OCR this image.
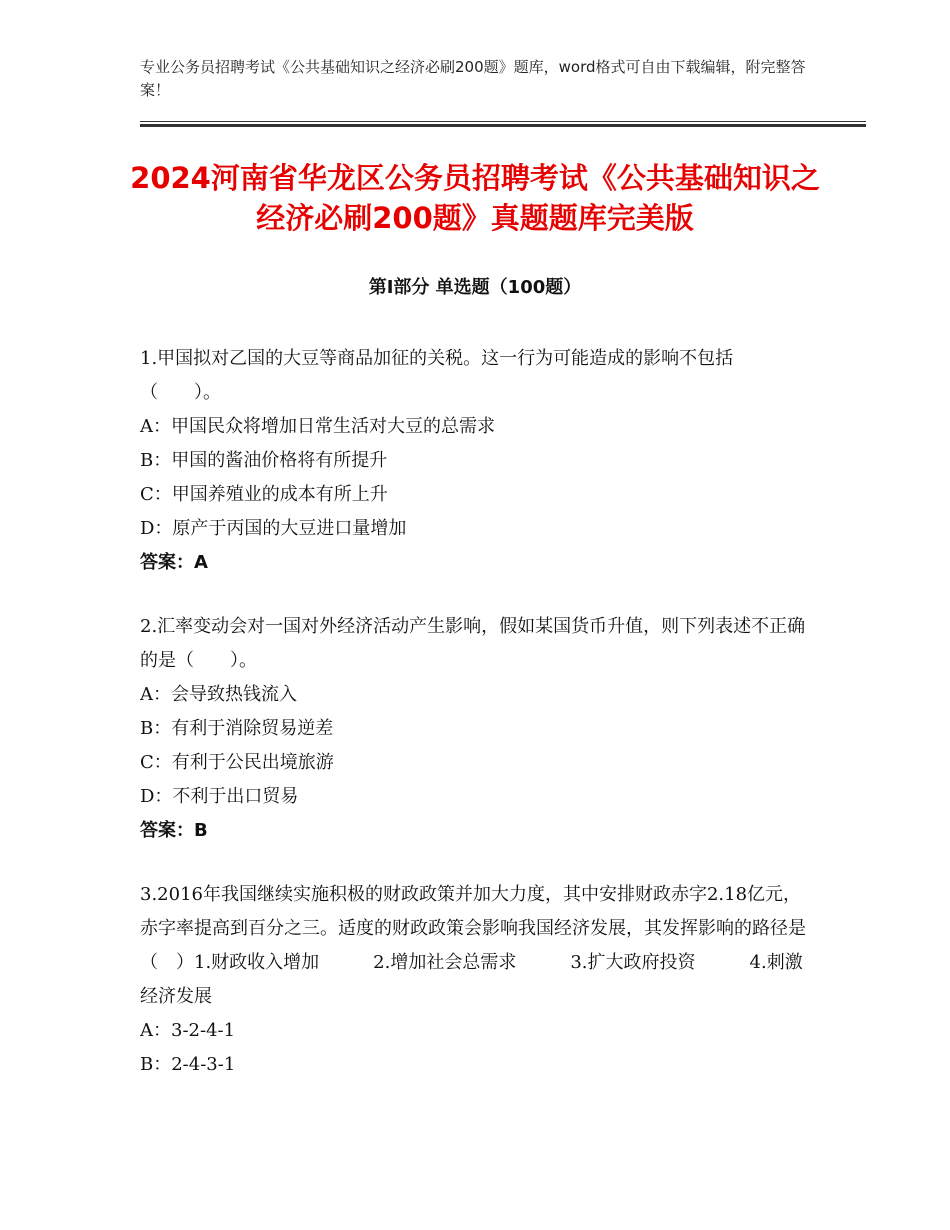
专业公务员招聘考试《公共基础知识之经济必刷200题》题库，word格式可自由下载编辑，附完整答案！
2024河南省华龙区公务员招聘考试《公共基础知识之经济必刷200题》真题题库完美版
第Ⅰ部分 单选题（100题）
1.甲国拟对乙国的大豆等商品加征的关税。这一行为可能造成的影响不包括（　　）。
A：甲国民众将增加日常生活对大豆的总需求
B：甲国的酱油价格将有所提升
C：甲国养殖业的成本有所上升
D：原产于丙国的大豆进口量增加
答案：A
2.汇率变动会对一国对外经济活动产生影响，假如某国货币升值，则下列表述不正确的是（　　）。
A：会导致热钱流入
B：有利于消除贸易逆差
C：有利于公民出境旅游
D：不利于出口贸易
答案：B
3.2016年我国继续实施积极的财政政策并加大力度，其中安排财政赤字2.18亿元，赤字率提高到百分之三。适度的财政政策会影响我国经济发展，其发挥影响的路径是（　）1.财政收入增加　　　2.增加社会总需求　　　3.扩大政府投资　　　4.刺激经济发展
A：3-2-4-1
B：2-4-3-1
